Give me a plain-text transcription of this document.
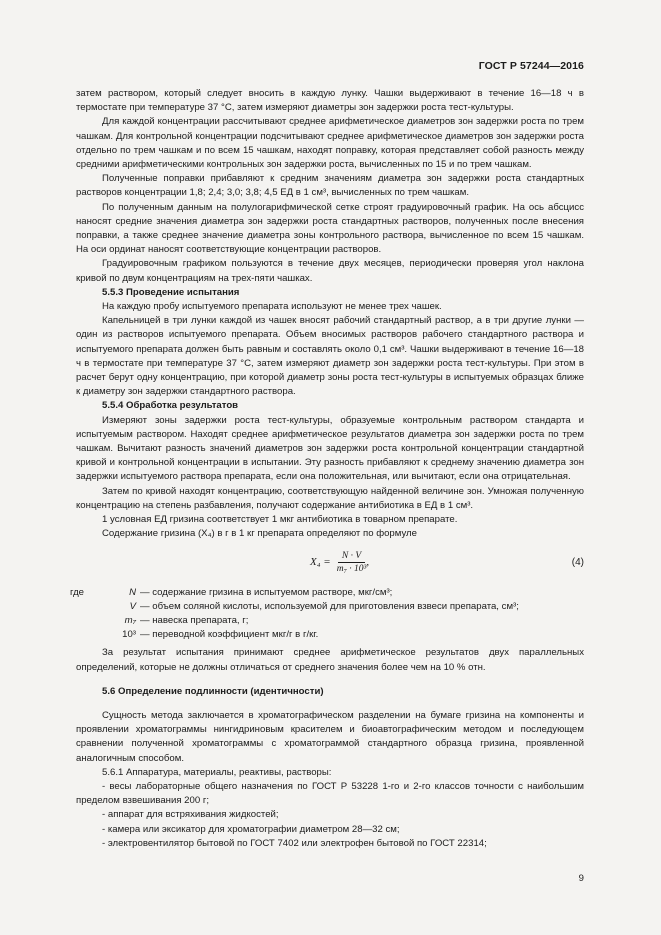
ГОСТ Р 57244—2016

затем раствором, который следует вносить в каждую лунку. Чашки выдерживают в течение 16—18 ч в термостате при температуре 37 °С, затем измеряют диаметры зон задержки роста тест-культуры.

Для каждой концентрации рассчитывают среднее арифметическое диаметров зон задержки роста по трем чашкам. Для контрольной концентрации подсчитывают среднее арифметическое диаметров зон задержки роста отдельно по трем чашкам и по всем 15 чашкам, находят поправку, которая представляет собой разность между средними арифметическими контрольных зон задержки роста, вычисленных по 15 и по трем чашкам.

Полученные поправки прибавляют к средним значениям диаметра зон задержки роста стандартных растворов концентрации 1,8; 2,4; 3,0; 3,8; 4,5 ЕД в 1 см³, вычисленных по трем чашкам.

По полученным данным на полулогарифмической сетке строят градуировочный график. На ось абсцисс наносят средние значения диаметра зон задержки роста стандартных растворов, полученных после внесения поправки, а также среднее значение диаметра зоны контрольного раствора, вычисленное по всем 15 чашкам. На оси ординат наносят соответствующие концентрации растворов.

Градуировочным графиком пользуются в течение двух месяцев, периодически проверяя угол наклона кривой по двум концентрациям на трех-пяти чашках.

5.5.3 Проведение испытания

На каждую пробу испытуемого препарата используют не менее трех чашек.

Капельницей в три лунки каждой из чашек вносят рабочий стандартный раствор, а в три другие лунки — один из растворов испытуемого препарата. Объем вносимых растворов рабочего стандартного раствора и испытуемого препарата должен быть равным и составлять около 0,1 см³. Чашки выдерживают в течение 16—18 ч в термостате при температуре 37 °С, затем измеряют диаметр зон задержки роста тест-культуры. При этом в расчет берут одну концентрацию, при которой диаметр зоны роста тест-культуры в испытуемых образцах ближе к диаметру зон задержки стандартного раствора.

5.5.4 Обработка результатов

Измеряют зоны задержки роста тест-культуры, образуемые контрольным раствором стандарта и испытуемым раствором. Находят среднее арифметическое результатов диаметра зон задержки роста по трем чашкам. Вычитают разность значений диаметров зон задержки роста контрольной концентрации стандартной кривой и контрольной концентрации в испытании. Эту разность прибавляют к среднему значению диаметра зон задержки испытуемого раствора препарата, если она положительная, или вычитают, если она отрицательная.

Затем по кривой находят концентрацию, соответствующую найденной величине зон. Умножая полученную концентрацию на степень разбавления, получают содержание антибиотика в ЕД в 1 см³.

1 условная ЕД гризина соответствует 1 мкг антибиотика в товарном препарате.

Содержание гризина (X₄) в г в 1 кг препарата определяют по формуле

$X_4 = \frac{N \cdot V}{\text{m₇ · 10³}}$ ,	(4)
где	N — содержание гризина в испытуемом растворе, мкг/см³;
V — объем соляной кислоты, используемой для приготовления взвеси препарата, см³;
m₇ — навеска препарата, г;
10³ — переводной коэффициент мкг/г в г/кг.

За результат испытания принимают среднее арифметическое результатов двух параллельных определений, которые не должны отличаться от среднего значения более чем на 10 % отн.

5.6 Определение подлинности (идентичности)

Сущность метода заключается в хроматографическом разделении на бумаге гризина на компоненты и проявлении хроматограммы нингидриновым красителем и биоавтографическим методом и последующем сравнении полученной хроматограммы с хроматограммой стандартного образца гризина, проявленной аналогичным способом.

5.6.1 Аппаратура, материалы, реактивы, растворы:

- весы лабораторные общего назначения по ГОСТ Р 53228 1-го и 2-го классов точности с наибольшим пределом взвешивания 200 г;

- аппарат для встряхивания жидкостей;

- камера или эксикатор для хроматографии диаметром 28—32 см;

- электровентилятор бытовой по ГОСТ 7402 или электрофен бытовой по ГОСТ 22314;

9
